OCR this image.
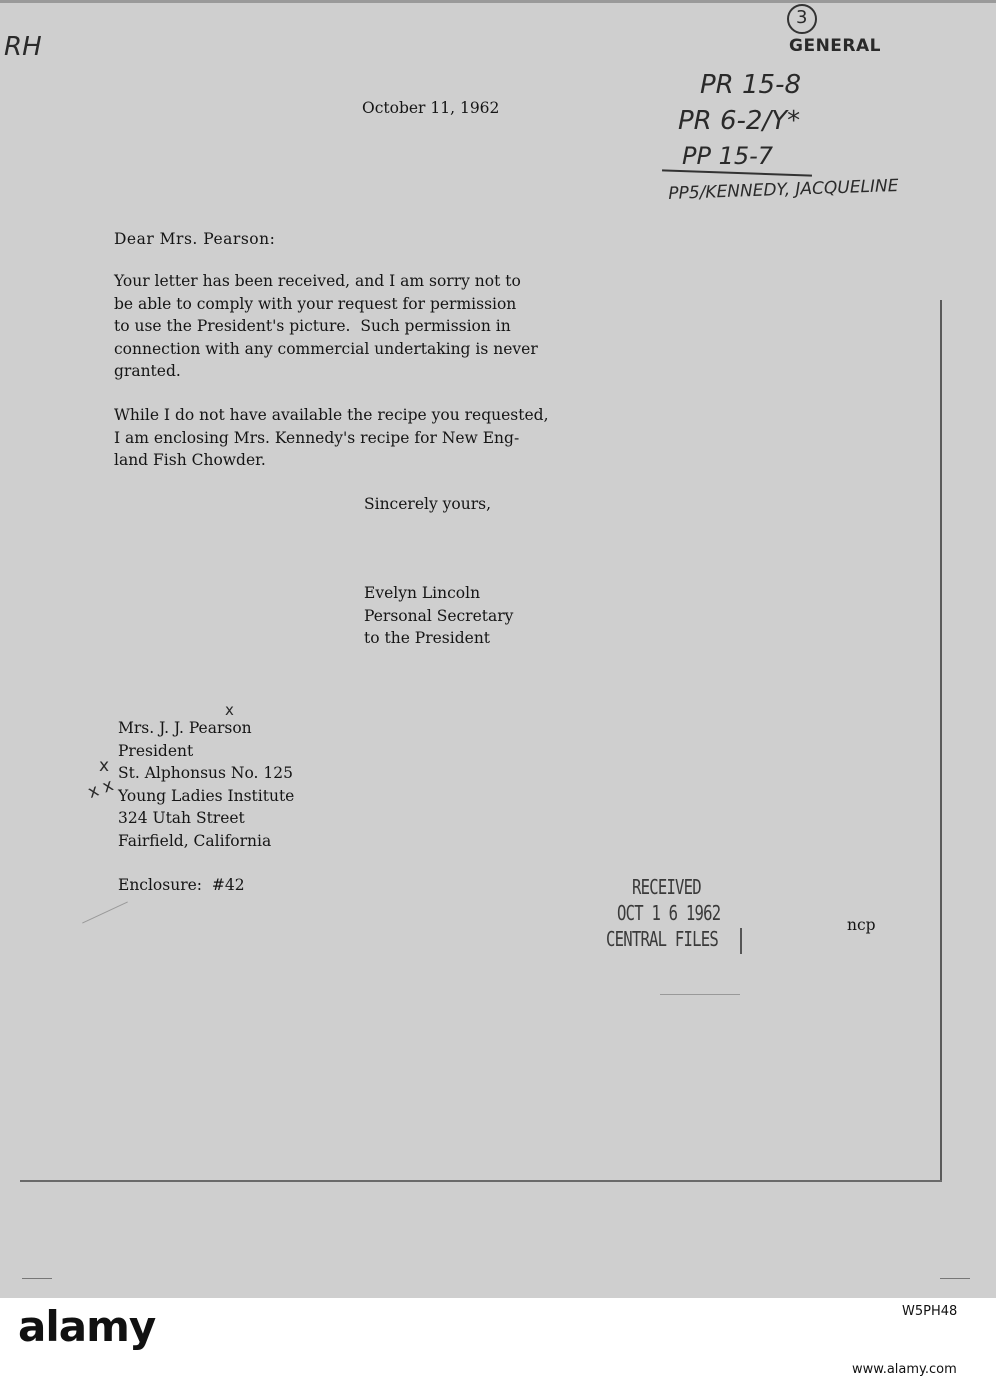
RH
3
GENERAL
PR 15-8
PR 6-2/Y*
PP 15-7
PP5/KENNEDY, JACQUELINE
October 11, 1962
Dear Mrs. Pearson:
Your letter has been received, and I am sorry not to
be able to comply with your request for permission
to use the President's picture.  Such permission in
connection with any commercial undertaking is never
granted.
While I do not have available the recipe you requested,
I am enclosing Mrs. Kennedy's recipe for New Eng-
land Fish Chowder.
Sincerely yours,
Evelyn Lincoln
Personal Secretary
to the President
Mrs. J. J. Pearson
President
St. Alphonsus No. 125
Young Ladies Institute
324 Utah Street
Fairfield, California
x
x
x x
Enclosure:  #42	RECEIVED
OCT 1 6 1962
CENTRAL FILES
ncp
alamy	W5PH48
www.alamy.com
